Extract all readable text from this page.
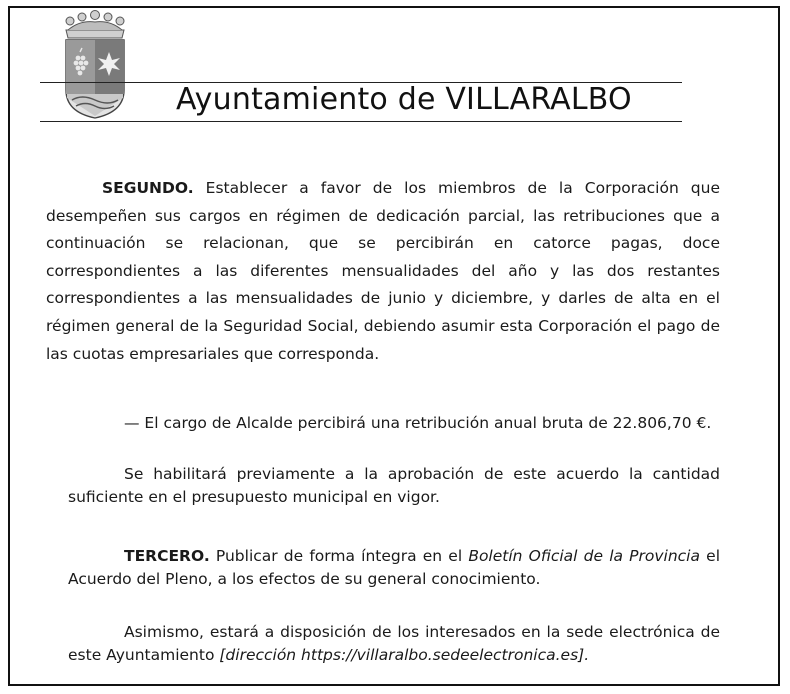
Ayuntamiento de VILLARALBO

SEGUNDO. Establecer a favor de los miembros de la Corporación que desempeñen sus cargos en régimen de dedicación parcial, las retribuciones que a continuación se relacionan, que se percibirán en catorce pagas, doce correspondientes a las diferentes mensualidades del año y las dos restantes correspondientes a las mensualidades de junio y diciembre, y darles de alta en el régimen general de la Seguridad Social, debiendo asumir esta Corporación el pago de las cuotas empresariales que corresponda.

— El cargo de Alcalde percibirá una retribución anual bruta de 22.806,70 €.

Se habilitará previamente a la aprobación de este acuerdo la cantidad suficiente en el presupuesto municipal en vigor.

TERCERO. Publicar de forma íntegra en el Boletín Oficial de la Provincia el Acuerdo del Pleno, a los efectos de su general conocimiento.

Asimismo, estará a disposición de los interesados en la sede electrónica de este Ayuntamiento [dirección https://villaralbo.sedeelectronica.es].
